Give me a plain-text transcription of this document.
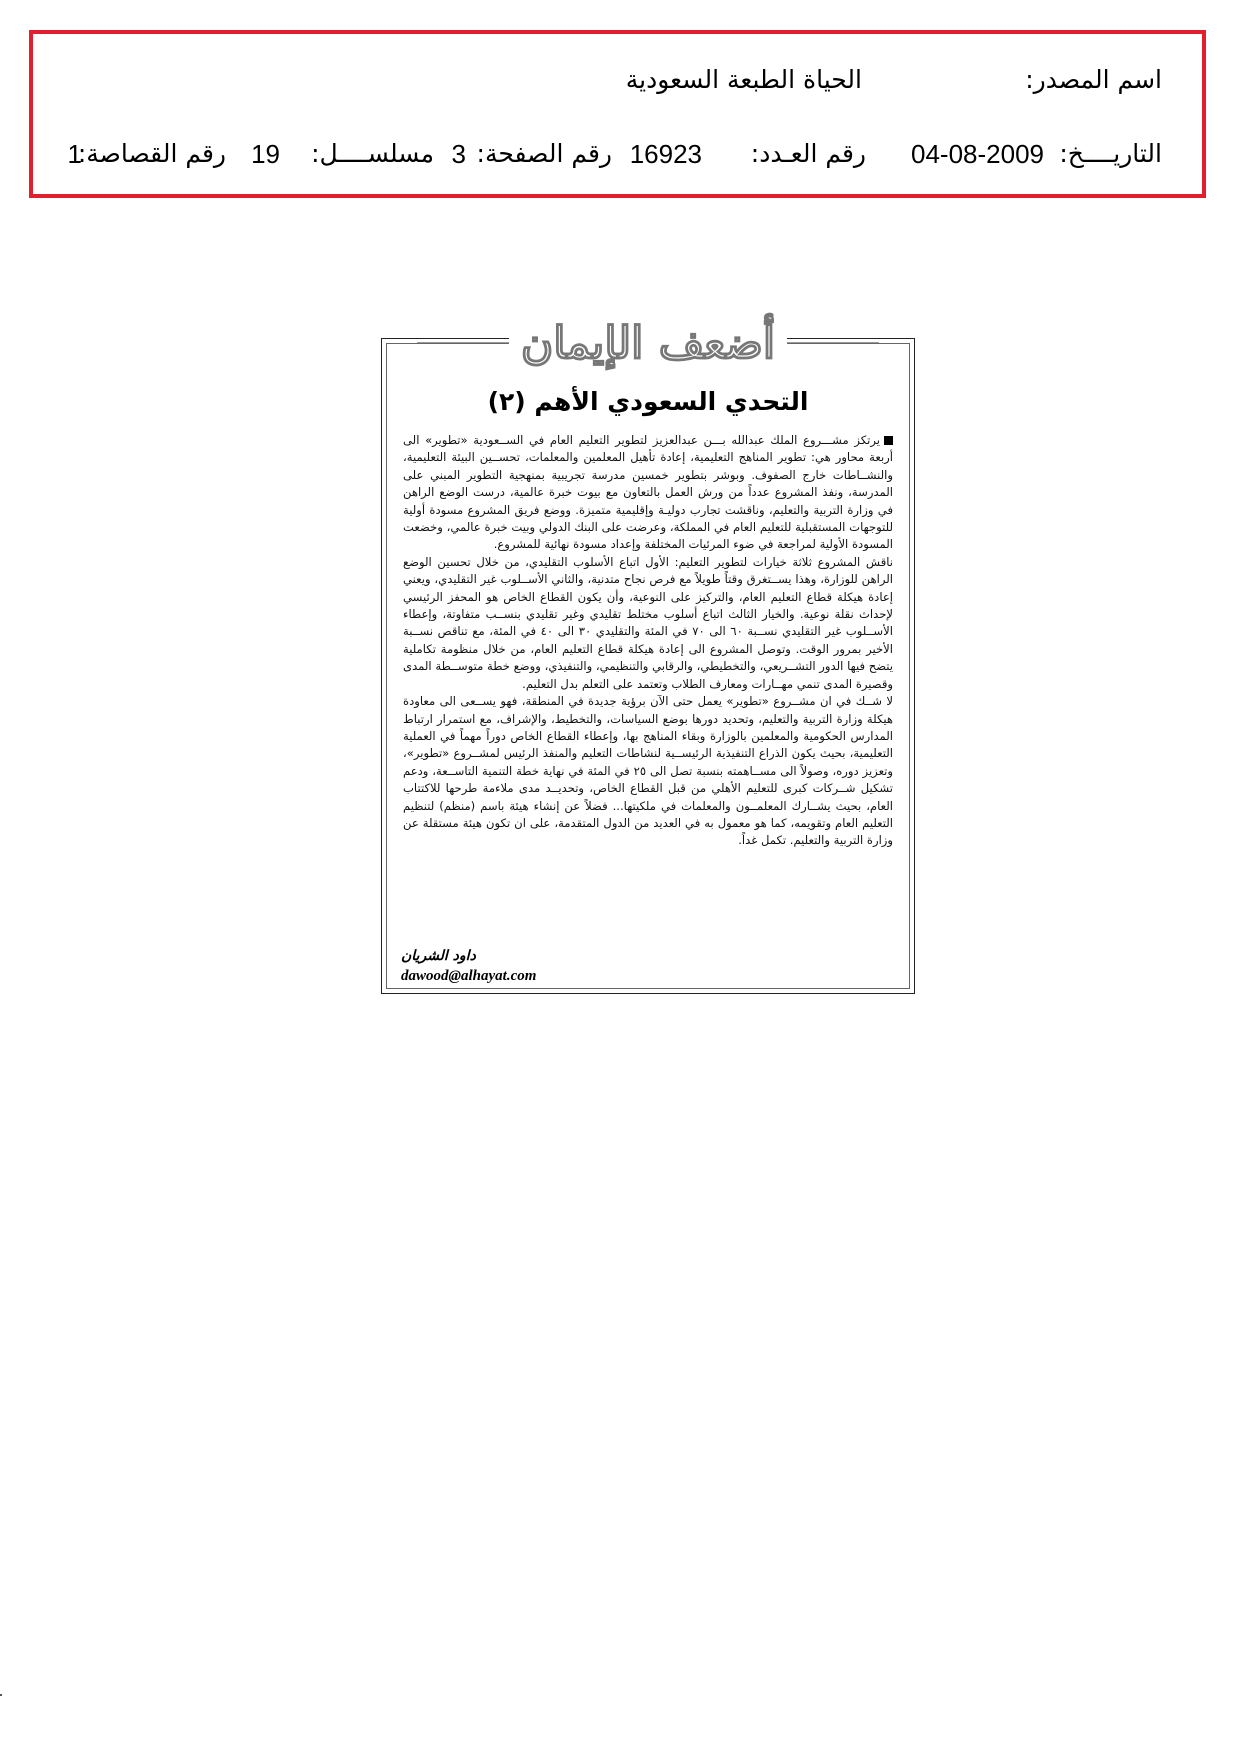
اسم المصدر:
الحياة الطبعة السعودية
التاريــــخ:
04-08-2009
رقم العـدد:
16923
رقم الصفحة:
3
مسلســــل:
19
رقم القصاصة:
1
أضعف الإيمان
التحدي السعودي الأهم (٢)

يرتكز مشـــروع الملك عبدالله بـــن عبدالعزيز لتطوير التعليم العام في الســعودية «تطوير» الى أربعة محاور هي: تطوير المناهج التعليمية، إعادة تأهيل المعلمين والمعلمات، تحســين البيئة التعليمية، والنشــاطات خارج الصفوف. وبوشر بتطوير خمسين مدرسة تجريبية بمنهجية التطوير المبني على المدرسة، ونفذ المشروع عدداً من ورش العمل بالتعاون مع بيوت خبرة عالمية، درست الوضع الراهن في وزارة التربية والتعليم، وناقشت تجارب دوليـة وإقليمية متميزة. ووضع فريق المشروع مسودة أولية للتوجهات المستقبلية للتعليم العام في المملكة، وعرضت على البنك الدولي وبيت خبرة عالمي، وخضعت المسودة الأولية لمراجعة في ضوء المرئيات المختلفة وإعداد مسودة نهائية للمشروع.

ناقش المشروع ثلاثة خيارات لتطوير التعليم: الأول اتباع الأسلوب التقليدي، من خلال تحسين الوضع الراهن للوزارة، وهذا يســتغرق وقتاً طويلاً مع فرص نجاح متدنية، والثاني الأســلوب غير التقليدي، ويعني إعادة هيكلة قطاع التعليم العام، والتركيز على النوعية، وأن يكون القطاع الخاص هو المحفز الرئيسي لإحداث نقلة نوعية. والخيار الثالث اتباع أسلوب مختلط تقليدي وغير تقليدي بنســب متفاوتة، وإعطاء الأســلوب غير التقليدي نســبة ٦٠ الى ٧٠ في المئة والتقليدي ٣٠ الى ٤٠ في المئة، مع تناقص نســبة الأخير بمرور الوقت. وتوصل المشروع الى إعادة هيكلة قطاع التعليم العام، من خلال منظومة تكاملية يتضح فيها الدور التشــريعي، والتخطيطي، والرقابي والتنظيمي، والتنفيذي، ووضع خطة متوســطة المدى وقصيرة المدى تنمي مهــارات ومعارف الطلاب وتعتمد على التعلم بدل التعليم.

لا شــك في ان مشــروع «تطوير» يعمل حتى الآن برؤية جديدة في المنطقة، فهو يســعى الى معاودة هيكلة وزارة التربية والتعليم، وتحديد دورها بوضع السياسات، والتخطيط، والإشراف، مع استمرار ارتباط المدارس الحكومية والمعلمين بالوزارة وبقاء المناهج بها، وإعطاء القطاع الخاص دوراً مهماً في العملية التعليمية، بحيث يكون الذراع التنفيذية الرئيســية لنشاطات التعليم والمنفذ الرئيس لمشــروع «تطوير»، وتعزيز دوره، وصولاً الى مســاهمته بنسبة تصل الى ٢٥ في المئة في نهاية خطة التنمية التاســعة، ودعم تشكيل شــركات كبرى للتعليم الأهلي من قبل القطاع الخاص، وتحديــد مدى ملاءمة طرحها للاكتتاب العام، بحيث يشــارك المعلمــون والمعلمات في ملكيتها... فضلاً عن إنشاء هيئة باسم (منظم) لتنظيم التعليم العام وتقويمه، كما هو معمول به في العديد من الدول المتقدمة، على ان تكون هيئة مستقلة عن وزارة التربية والتعليم. تكمل غداً.

داود الشريان
dawood@alhayat.com
